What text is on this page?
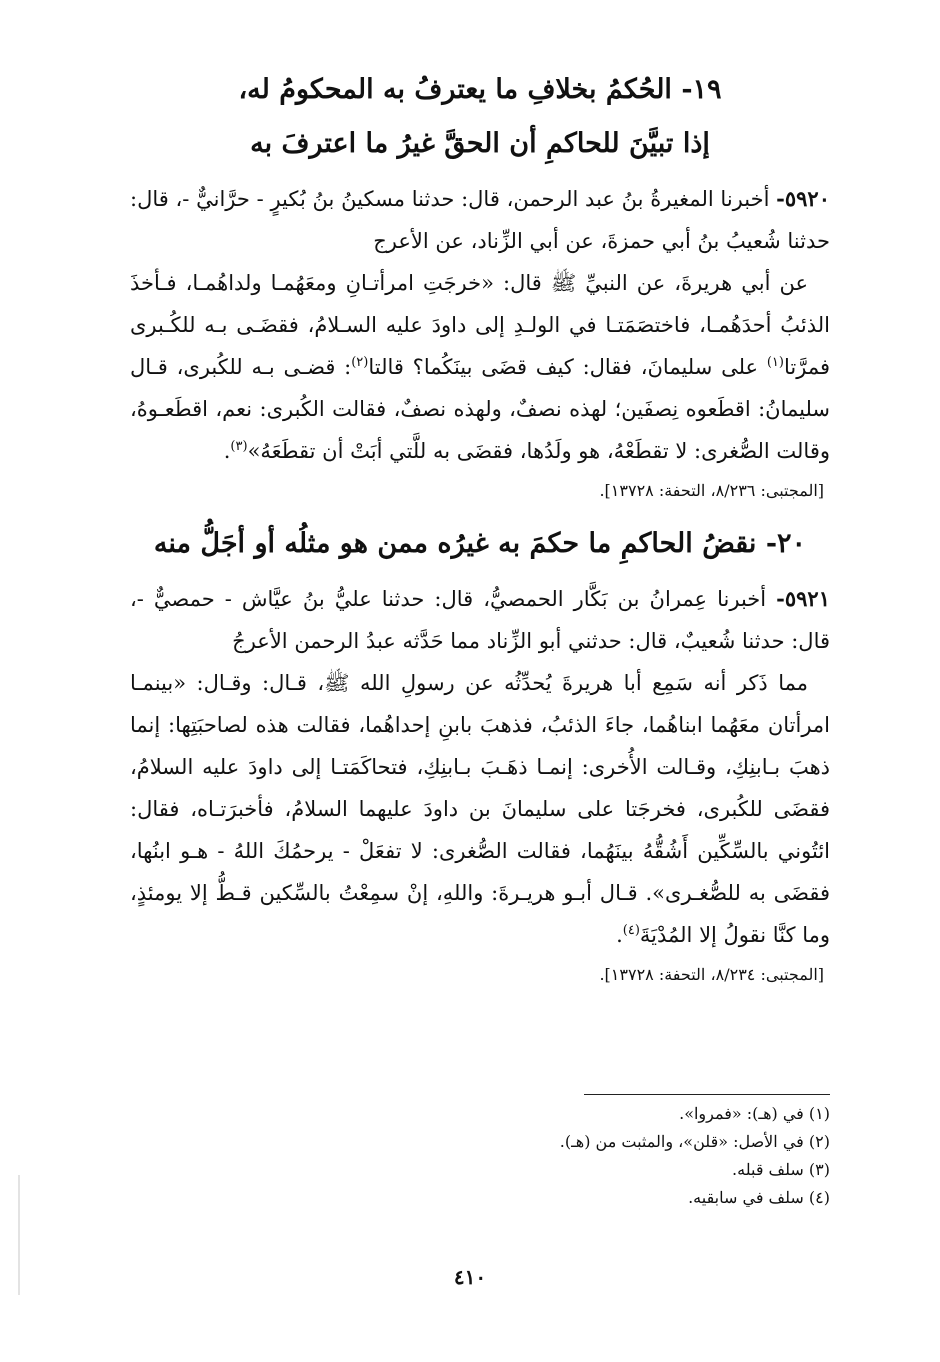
١٩- الحُكمُ بخلافِ ما يعترفُ به المحكومُ له،
إذا تبيَّنَ للحاكمِ أن الحقَّ غيرُ ما اعترفَ به

٥٩٢٠- أخبرنا المغيرةُ بنُ عبد الرحمن، قال: حدثنا مسكينُ بنُ بُكيرٍ - حرَّانيٌّ -، قال: حدثنا شُعيبُ بنُ أبي حمزةَ، عن أبي الزِّناد، عن الأعرج

عن أبي هريرةَ، عن النبيِّ ﷺ قال: «خرجَتِ امرأتـانِ ومعَهُمـا ولداهُمـا، فـأخذَ الذئبُ أحدَهُمـا، فاختصَمَتـا في الولـدِ إلى داودَ عليه السـلامُ، فقضَـى بـه للكُـبرى فمرَّتا$^{(١)}$ على سليمانَ، فقال: كيف قضَى بينَكُما؟ قالتا$^{(٢)}$: قضـى بـه للكُبرى، قـال سليمانُ: اقطَعوه نِصفَين؛ لهذه نصفٌ، ولهذه نصفٌ، فقالت الكُبرى: نعم، اقطَعـوهُ، وقالت الصُّغرى: لا تقطَعْهُ، هو ولَدُها، فقضَى به للَّتي أبَتْ أن تقطَعَهُ»$^{(٣)}$.

[المجتبى: ٨/٢٣٦، التحفة: ١٣٧٢٨].
٢٠- نقضُ الحاكمِ ما حكمَ به غيرُه ممن هو مثلُه أو أجَلُّ منه

٥٩٢١- أخبرنا عِمرانُ بن بَكَّار الحمصيُّ، قال: حدثنا عليُّ بنُ عيَّاش - حمصيٌّ -، قال: حدثنا شُعيبٌ، قال: حدثني أبو الزِّناد مما حَدَّثه عبدُ الرحمن الأعرجُ

مما ذَكر أنه سَمِع أبا هريرةَ يُحدِّثُه عن رسولِ الله ﷺ، قـال: وقـال: «بينمـا امرأتان معَهُما ابناهُما، جاءَ الذئبُ، فذهبَ بابنِ إحداهُما، فقالت هذه لصاحبَتِها: إنما ذهبَ بـابنِكِ، وقـالت الأُخرى: إنمـا ذهَـبَ بـابنِكِ، فتحاكَمَتـا إلى داودَ عليه السلامُ، فقضَى للكُبرى، فخرجَتا على سليمانَ بن داودَ عليهما السلامُ، فأخبرَتـاه، فقال: ائتُوني بالسِّكِّين أَشُقُّهُ بينَهُما، فقالت الصُّغرى: لا تفعَلْ - يرحمُكَ اللهُ - هـو ابنُها، فقضَى به للصُّغـرى». قـال أبـو هريـرةَ: واللهِ، إنْ سمِعْتُ بالسِّكين قـطُّ إلا يومئذٍ، وما كنَّا نقولُ إلا المُدْيَةَ$^{(٤)}$.

[المجتبى: ٨/٢٣٤، التحفة: ١٣٧٢٨].
(١) في (هـ): «فمروا».
(٢) في الأصل: «قلن»، والمثبت من (هـ).
(٣) سلف قبله.
(٤) سلف في سابقيه.
٤١٠
